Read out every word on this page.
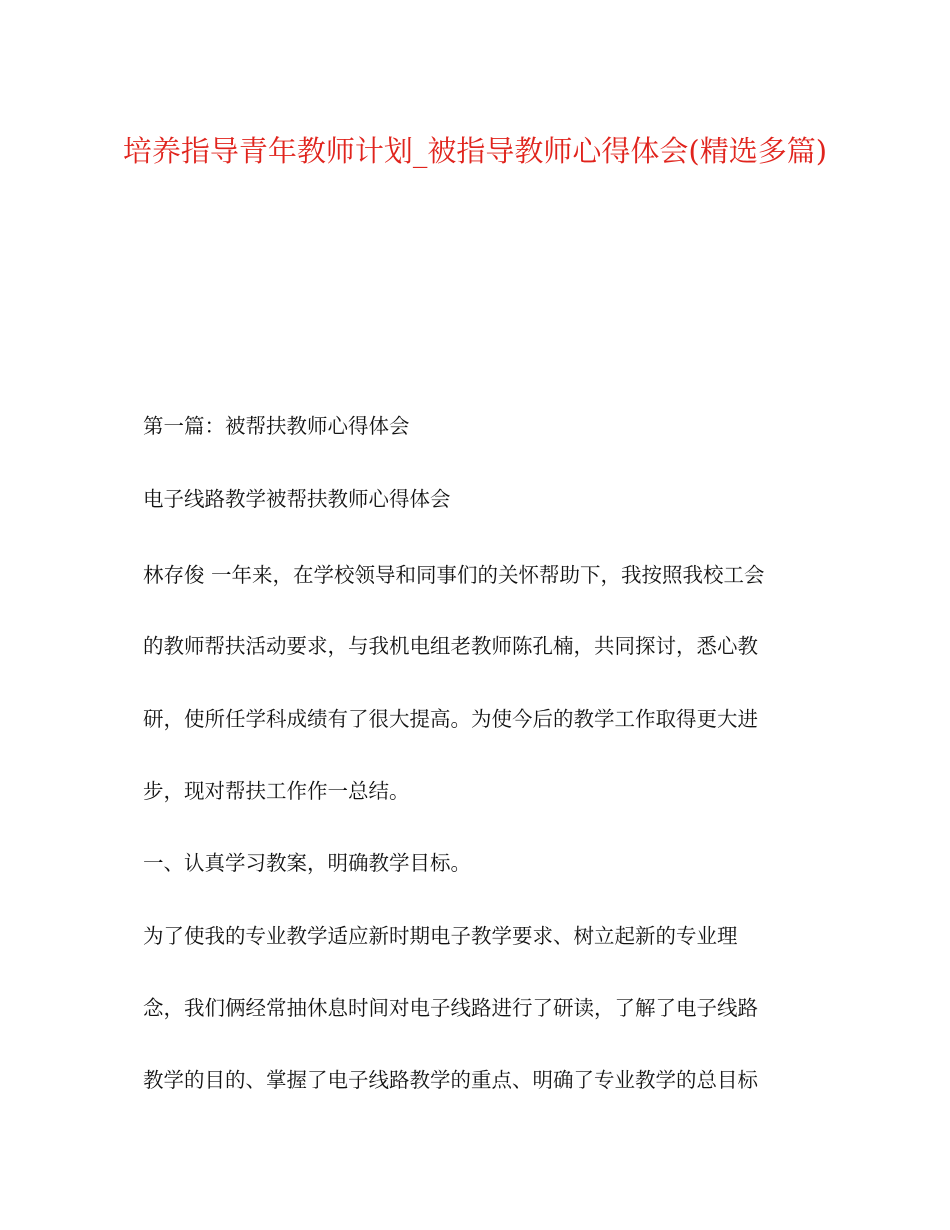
培养指导青年教师计划_被指导教师心得体会(精选多篇)
第一篇：被帮扶教师心得体会
电子线路教学被帮扶教师心得体会
林存俊 一年来，在学校领导和同事们的关怀帮助下，我按照我校工会
的教师帮扶活动要求，与我机电组老教师陈孔楠，共同探讨，悉心教
研，使所任学科成绩有了很大提高。为使今后的教学工作取得更大进
步，现对帮扶工作作一总结。
一、认真学习教案，明确教学目标。
为了使我的专业教学适应新时期电子教学要求、树立起新的专业理
念，我们俩经常抽休息时间对电子线路进行了研读，了解了电子线路
教学的目的、掌握了电子线路教学的重点、明确了专业教学的总目标
